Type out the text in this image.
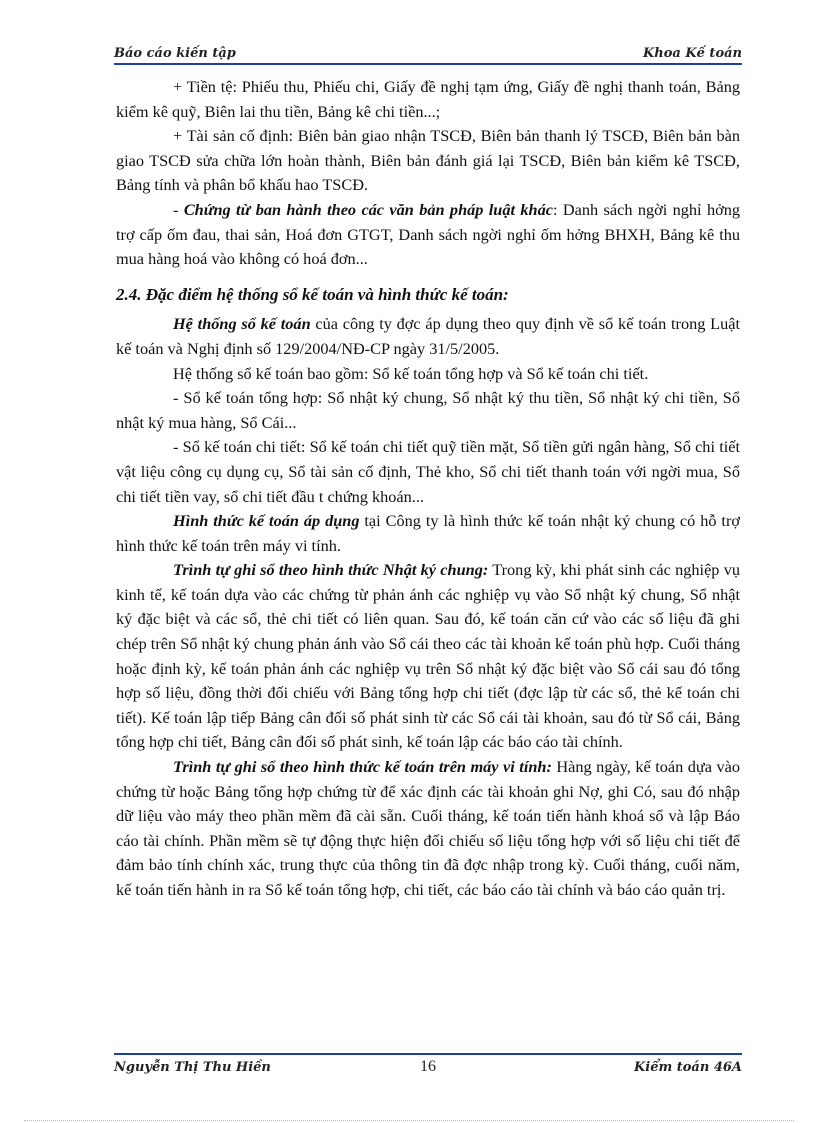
Báo cáo kiến tập	Khoa Kế toán

+ Tiền tệ: Phiếu thu, Phiếu chi, Giấy đề nghị tạm ứng, Giấy đề nghị thanh toán, Bảng kiểm kê quỹ, Biên lai thu tiền, Bảng kê chi tiền...;

+ Tài sản cố định: Biên bản giao nhận TSCĐ, Biên bản thanh lý TSCĐ, Biên bản bàn giao TSCĐ sửa chữa lớn hoàn thành, Biên bản đánh giá lại TSCĐ, Biên bản kiểm kê TSCĐ, Bảng tính và phân bổ khấu hao TSCĐ.

- Chứng từ ban hành theo các văn bản pháp luật khác: Danh sách ngời nghỉ hởng trợ cấp ốm đau, thai sản, Hoá đơn GTGT, Danh sách ngời nghỉ ốm hởng BHXH, Bảng kê thu mua hàng hoá vào không có hoá đơn...

2.4. Đặc điểm hệ thống sổ kế toán và hình thức kế toán:

Hệ thống sổ kế toán của công ty đợc áp dụng theo quy định về sổ kế toán trong Luật kế toán và Nghị định số 129/2004/NĐ-CP ngày 31/5/2005.

Hệ thống sổ kế toán bao gồm: Sổ kế toán tổng hợp và Sổ kế toán chi tiết.

- Sổ kế toán tổng hợp: Sổ nhật ký chung, Sổ nhật ký thu tiền, Sổ nhật ký chi tiền, Sổ nhật ký mua hàng, Sổ Cái...

- Sổ kế toán chi tiết: Sổ kế toán chi tiết quỹ tiền mặt, Sổ tiền gửi ngân hàng, Sổ chi tiết vật liệu công cụ dụng cụ, Sổ tài sản cố định, Thẻ kho, Sổ chi tiết thanh toán với ngời mua, Sổ chi tiết tiền vay, sổ chi tiết đầu t chứng khoán...

Hình thức kế toán áp dụng tại Công ty là hình thức kế toán nhật ký chung có hỗ trợ hình thức kế toán trên máy vi tính.

Trình tự ghi sổ theo hình thức Nhật ký chung: Trong kỳ, khi phát sinh các nghiệp vụ kinh tế, kế toán dựa vào các chứng từ phản ánh các nghiệp vụ vào Sổ nhật ký chung, Sổ nhật ký đặc biệt và các sổ, thẻ chi tiết có liên quan. Sau đó, kế toán căn cứ vào các số liệu đã ghi chép trên Sổ nhật ký chung phản ánh vào Sổ cái theo các tài khoản kế toán phù hợp. Cuối tháng hoặc định kỳ, kế toán phản ánh các nghiệp vụ trên Sổ nhật ký đặc biệt vào Sổ cái sau đó tổng hợp số liệu, đồng thời đối chiếu với Bảng tổng hợp chi tiết (đợc lập từ các sổ, thẻ kế toán chi tiết). Kế toán lập tiếp Bảng cân đối số phát sinh từ các Sổ cái tài khoản, sau đó từ Sổ cái, Bảng tổng hợp chi tiết, Bảng cân đối số phát sinh, kế toán lập các báo cáo tài chính.

Trình tự ghi sổ theo hình thức kế toán trên máy vi tính: Hàng ngày, kế toán dựa vào chứng từ hoặc Bảng tổng hợp chứng từ để xác định các tài khoản ghi Nợ, ghi Có, sau đó nhập dữ liệu vào máy theo phần mềm đã cài sẵn. Cuối tháng, kế toán tiến hành khoá sổ và lập Báo cáo tài chính. Phần mềm sẽ tự động thực hiện đối chiếu số liệu tổng hợp với số liệu chi tiết để đảm bảo tính chính xác, trung thực của thông tin đã đợc nhập trong kỳ. Cuối tháng, cuối năm, kế toán tiến hành in ra Sổ kế toán tổng hợp, chi tiết, các báo cáo tài chính và báo cáo quản trị.

Nguyễn Thị Thu Hiền	16	Kiểm toán 46A
